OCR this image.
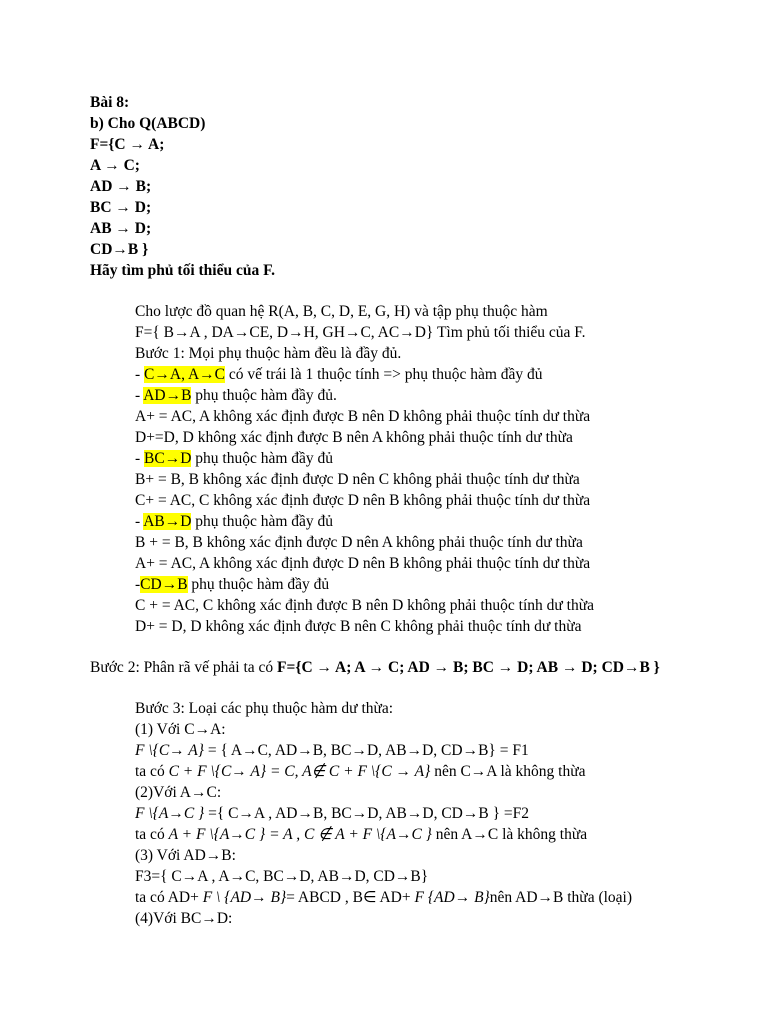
Bài 8:
b) Cho Q(ABCD)
F={C → A;
A → C;
AD → B;
BC → D;
AB → D;
CD→B }
Hãy tìm phủ tối thiểu của F.
Cho lược đồ quan hệ R(A, B, C, D, E, G, H) và tập phụ thuộc hàm
F={ B→A , DA→CE, D→H, GH→C, AC→D} Tìm phủ tối thiểu của F.
Bước 1: Mọi phụ thuộc hàm đều là đầy đủ.
- C→A, A→C có vế trái là 1 thuộc tính => phụ thuộc hàm đầy đủ
- AD→B phụ thuộc hàm đầy đủ.
A+ = AC, A không xác định được B nên D không phải thuộc tính dư thừa
D+=D, D không xác định được B nên A không phải thuộc tính dư thừa
- BC→D phụ thuộc hàm đầy đủ
B+ = B, B không xác định được D nên C không phải thuộc tính dư thừa
C+ = AC, C không xác định được D nên B không phải thuộc tính dư thừa
- AB→D phụ thuộc hàm đầy đủ
B + = B, B không xác định được D nên A không phải thuộc tính dư thừa
A+ = AC, A không xác định được D nên B không phải thuộc tính dư thừa
-CD→B phụ thuộc hàm đầy đủ
C + = AC, C không xác định được B nên D không phải thuộc tính dư thừa
D+ = D, D không xác định được B nên C không phải thuộc tính dư thừa
Bước 2: Phân rã vế phải ta có F={C → A; A → C; AD → B; BC → D; AB → D; CD→B }
Bước 3: Loại các phụ thuộc hàm dư thừa:
(1) Với C→A:
F \{C→ A} = { A→C, AD→B, BC→D, AB→D, CD→B} = F1
ta có C + F \{C→ A} = C, A∉ C + F \{C → A} nên C→A là không thừa
(2)Với A→C:
F \{A→C } ={ C→A , AD→B, BC→D, AB→D, CD→B } =F2
ta có A + F \{A→C } = A , C ∉ A + F \{A→C } nên A→C là không thừa
(3) Với AD→B:
F3={ C→A , A→C, BC→D, AB→D, CD→B}
ta có AD+ F \ {AD→ B}= ABCD , B∈ AD+ F {AD→ B}nên AD→B thừa (loại)
(4)Với BC→D:
